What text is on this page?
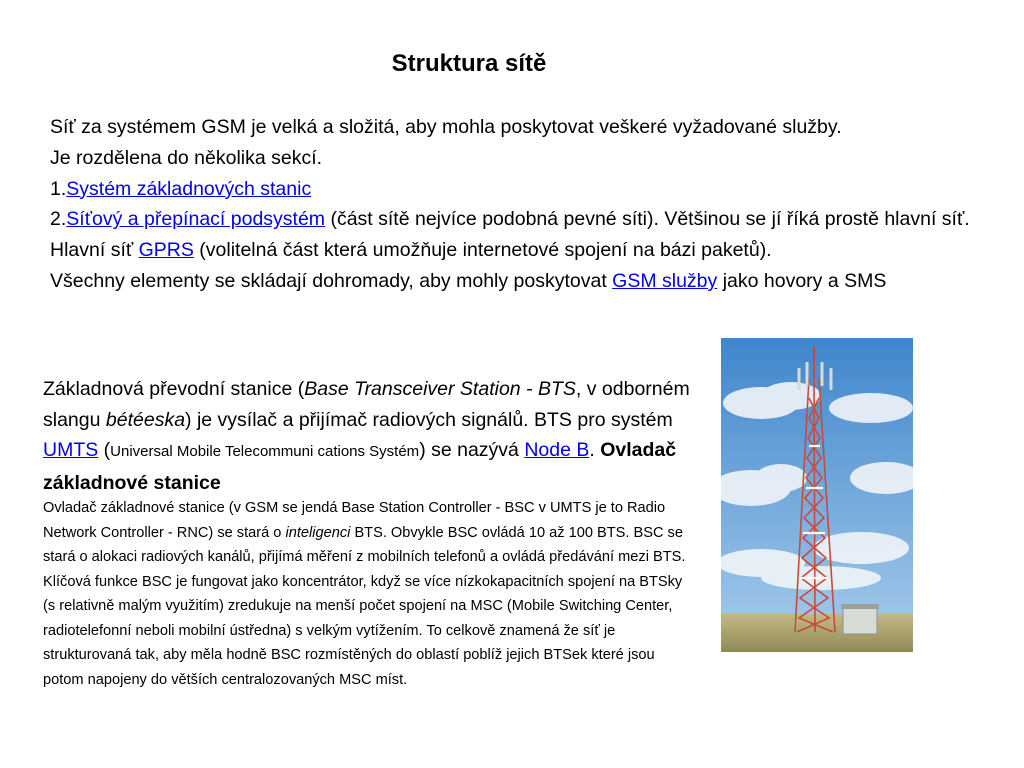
Struktura sítě
Síť za systémem GSM je velká a složitá, aby mohla poskytovat veškeré vyžadované služby.
Je rozdělena do několika sekcí.
1.Systém základnových stanic
2.Síťový a přepínací podsystém (část sítě nejvíce podobná pevné síti). Většinou se jí říká prostě hlavní síť.
Hlavní síť GPRS (volitelná část která umožňuje internetové spojení na bázi paketů).
Všechny elementy se skládají dohromady, aby mohly poskytovat GSM služby jako hovory a SMS
Základnová převodní stanice (Base Transceiver Station - BTS, v odborném slangu bétéeska) je vysílač a přijímač radiových signálů. BTS pro systém UMTS (Universal Mobile Telecommuni cations Systém) se nazývá Node B. Ovladač základnové stanice
Ovladač základnové stanice (v GSM se jendá Base Station Controller - BSC v UMTS je to Radio Network Controller - RNC) se stará o inteligenci BTS. Obvykle BSC ovládá 10 až 100 BTS. BSC se stará o alokaci radiových kanálů, přijímá měření z mobilních telefonů a ovládá předávání mezi BTS. Klíčová funkce BSC je fungovat jako koncentrátor, když se více nízkokapacitních spojení na BTSky (s relativně malým využitím) zredukuje na menší počet spojení na MSC (Mobile Switching Center, radiotelefonní neboli mobilní ústředna) s velkým vytížením. To celkově znamená že síť je strukturovaná tak, aby měla hodně BSC rozmístěných do oblastí poblíž jejich BTSek které jsou potom napojeny do větších centralozovaných MSC míst.
